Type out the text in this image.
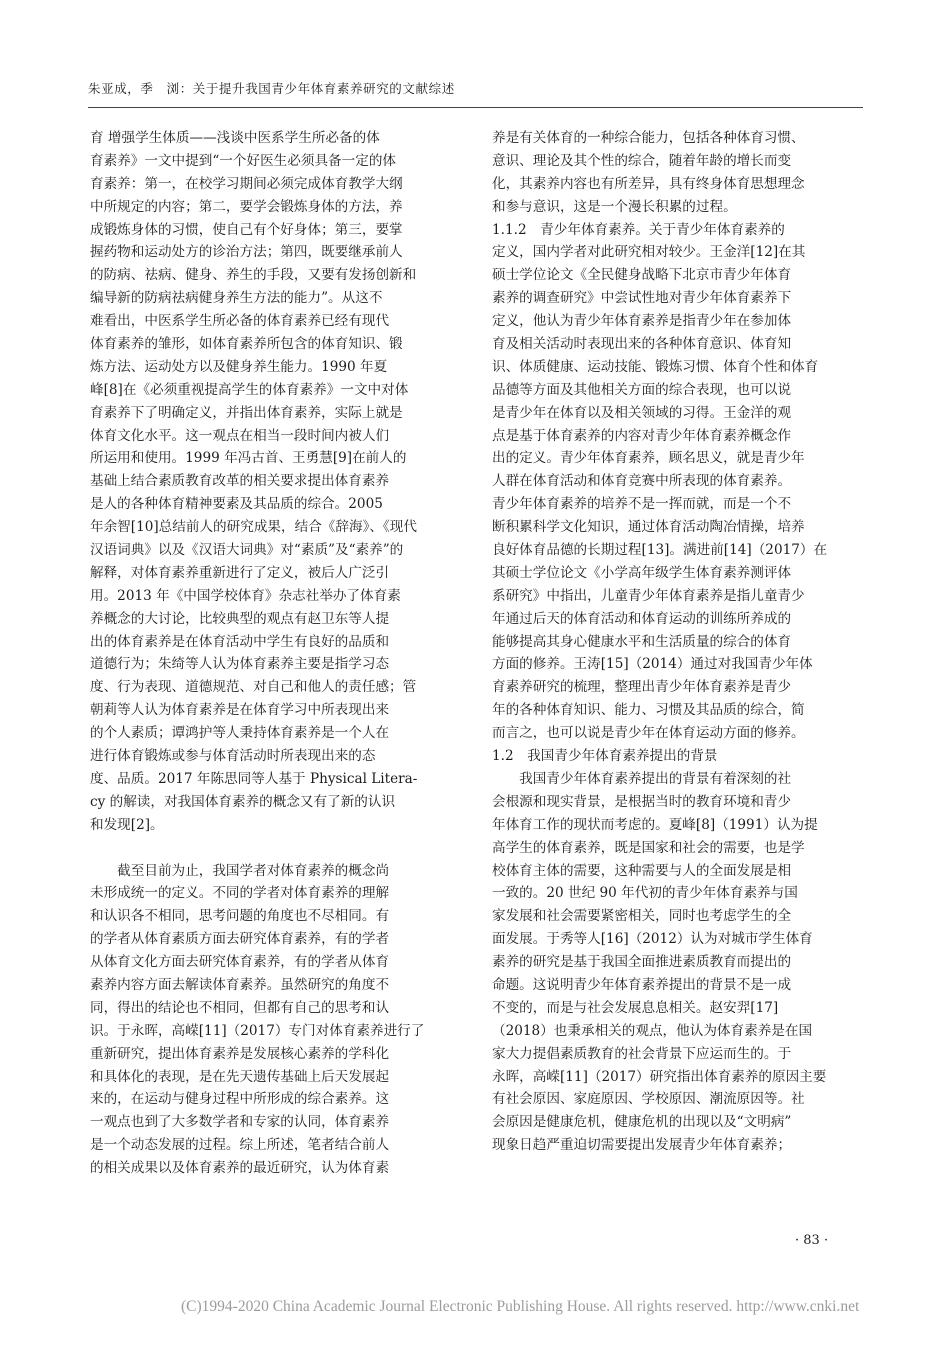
朱亚成，季　浏：关于提升我国青少年体育素养研究的文献综述
育 增强学生体质——浅谈中医系学生所必备的体
育素养》一文中提到“一个好医生必须具备一定的体
育素养：第一，在校学习期间必须完成体育教学大纲
中所规定的内容；第二，要学会锻炼身体的方法，养
成锻炼身体的习惯，使自己有个好身体；第三，要掌
握药物和运动处方的诊治方法；第四，既要继承前人
的防病、祛病、健身、养生的手段，又要有发扬创新和
编导新的防病祛病健身养生方法的能力”。从这不
难看出，中医系学生所必备的体育素养已经有现代
体育素养的雏形，如体育素养所包含的体育知识、锻
炼方法、运动处方以及健身养生能力。1990 年夏
峰[8]在《必须重视提高学生的体育素养》一文中对体
育素养下了明确定义，并指出体育素养，实际上就是
体育文化水平。这一观点在相当一段时间内被人们
所运用和使用。1999 年冯古首、王勇慧[9]在前人的
基础上结合素质教育改革的相关要求提出体育素养
是人的各种体育精神要素及其品质的综合。2005
年余智[10]总结前人的研究成果，结合《辞海》、《现代
汉语词典》以及《汉语大词典》对“素质”及“素养”的
解释，对体育素养重新进行了定义，被后人广泛引
用。2013 年《中国学校体育》杂志社举办了体育素
养概念的大讨论，比较典型的观点有赵卫东等人提
出的体育素养是在体育活动中学生有良好的品质和
道德行为；朱绮等人认为体育素养主要是指学习态
度、行为表现、道德规范、对自己和他人的责任感；管
朝莉等人认为体育素养是在体育学习中所表现出来
的个人素质；谭鸿护等人秉持体育素养是一个人在
进行体育锻炼或参与体育活动时所表现出来的态
度、品质。2017 年陈思同等人基于 Physical Litera-
cy 的解读，对我国体育素养的概念又有了新的认识
和发现[2]。
　　截至目前为止，我国学者对体育素养的概念尚
未形成统一的定义。不同的学者对体育素养的理解
和认识各不相同，思考问题的角度也不尽相同。有
的学者从体育素质方面去研究体育素养，有的学者
从体育文化方面去研究体育素养，有的学者从体育
素养内容方面去解读体育素养。虽然研究的角度不
同，得出的结论也不相同，但都有自己的思考和认
识。于永晖，高嵘[11]（2017）专门对体育素养进行了
重新研究，提出体育素养是发展核心素养的学科化
和具体化的表现，是在先天遗传基础上后天发展起
来的，在运动与健身过程中所形成的综合素养。这
一观点也到了大多数学者和专家的认同，体育素养
是一个动态发展的过程。综上所述，笔者结合前人
的相关成果以及体育素养的最近研究，认为体育素
养是有关体育的一种综合能力，包括各种体育习惯、
意识、理论及其个性的综合，随着年龄的增长而变
化，其素养内容也有所差异，具有终身体育思想理念
和参与意识，这是一个漫长积累的过程。
1.1.2　青少年体育素养。关于青少年体育素养的
定义，国内学者对此研究相对较少。王金洋[12]在其
硕士学位论文《全民健身战略下北京市青少年体育
素养的调查研究》中尝试性地对青少年体育素养下
定义，他认为青少年体育素养是指青少年在参加体
育及相关活动时表现出来的各种体育意识、体育知
识、体质健康、运动技能、锻炼习惯、体育个性和体育
品德等方面及其他相关方面的综合表现，也可以说
是青少年在体育以及相关领域的习得。王金洋的观
点是基于体育素养的内容对青少年体育素养概念作
出的定义。青少年体育素养，顾名思义，就是青少年
人群在体育活动和体育竞赛中所表现的体育素养。
青少年体育素养的培养不是一挥而就，而是一个不
断积累科学文化知识，通过体育活动陶冶情操，培养
良好体育品德的长期过程[13]。满进前[14]（2017）在
其硕士学位论文《小学高年级学生体育素养测评体
系研究》中指出，儿童青少年体育素养是指儿童青少
年通过后天的体育活动和体育运动的训练所养成的
能够提高其身心健康水平和生活质量的综合的体育
方面的修养。王涛[15]（2014）通过对我国青少年体
育素养研究的梳理，整理出青少年体育素养是青少
年的各种体育知识、能力、习惯及其品质的综合，简
而言之，也可以说是青少年在体育运动方面的修养。
1.2　我国青少年体育素养提出的背景
　　我国青少年体育素养提出的背景有着深刻的社
会根源和现实背景，是根据当时的教育环境和青少
年体育工作的现状而考虑的。夏峰[8]（1991）认为提
高学生的体育素养，既是国家和社会的需要，也是学
校体育主体的需要，这种需要与人的全面发展是相
一致的。20 世纪 90 年代初的青少年体育素养与国
家发展和社会需要紧密相关，同时也考虑学生的全
面发展。于秀等人[16]（2012）认为对城市学生体育
素养的研究是基于我国全面推进素质教育而提出的
命题。这说明青少年体育素养提出的背景不是一成
不变的，而是与社会发展息息相关。赵安羿[17]
（2018）也秉承相关的观点，他认为体育素养是在国
家大力提倡素质教育的社会背景下应运而生的。于
永晖，高嵘[11]（2017）研究指出体育素养的原因主要
有社会原因、家庭原因、学校原因、潮流原因等。社
会原因是健康危机，健康危机的出现以及“文明病”
现象日趋严重迫切需要提出发展青少年体育素养；
· 83 ·
(C)1994-2020 China Academic Journal Electronic Publishing House. All rights reserved. http://www.cnki.net
